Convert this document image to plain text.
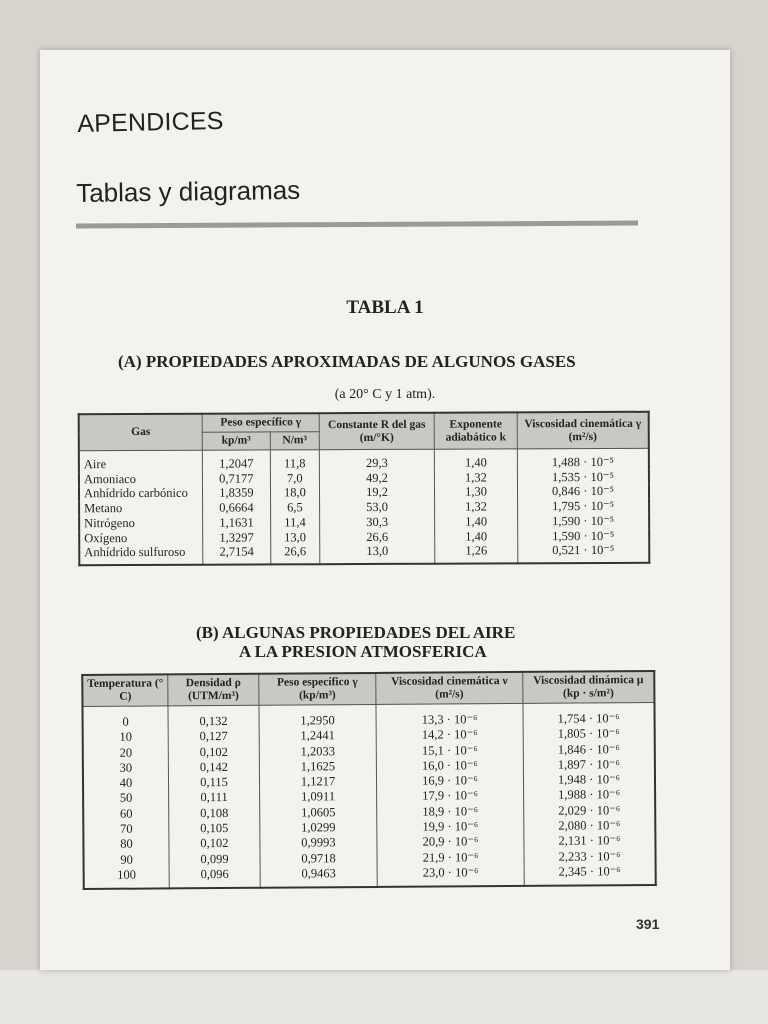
APENDICES
Tablas y diagramas
TABLA 1
(A) PROPIEDADES APROXIMADAS DE ALGUNOS GASES
(a 20° C y 1 atm).
Gas	Peso específico γ		Constante R del gas (m/°K)	Exponente adiabático k	Viscosidad cinemática γ (m²/s)
	kp/m³	N/m³			
Aire	1,2047	11,8	29,3	1,40	1,488 · 10⁻⁵
Amoniaco	0,7177	7,0	49,2	1,32	1,535 · 10⁻⁵
Anhídrido carbónico	1,8359	18,0	19,2	1,30	0,846 · 10⁻⁵
Metano	0,6664	6,5	53,0	1,32	1,795 · 10⁻⁵
Nitrógeno	1,1631	11,4	30,3	1,40	1,590 · 10⁻⁵
Oxígeno	1,3297	13,0	26,6	1,40	1,590 · 10⁻⁵
Anhídrido sulfuroso	2,7154	26,6	13,0	1,26	0,521 · 10⁻⁵
(B) ALGUNAS PROPIEDADES DEL AIRE
A LA PRESION ATMOSFERICA
Temperatura (° C)	Densidad ρ (UTM/m³)	Peso específico γ (kp/m³)	Viscosidad cinemática ν (m²/s)	Viscosidad dinámica μ (kp · s/m²)
0	0,132	1,2950	13,3 · 10⁻⁶	1,754 · 10⁻⁶
10	0,127	1,2441	14,2 · 10⁻⁶	1,805 · 10⁻⁶
20	0,102	1,2033	15,1 · 10⁻⁶	1,846 · 10⁻⁶
30	0,142	1,1625	16,0 · 10⁻⁶	1,897 · 10⁻⁶
40	0,115	1,1217	16,9 · 10⁻⁶	1,948 · 10⁻⁶
50	0,111	1,0911	17,9 · 10⁻⁶	1,988 · 10⁻⁶
60	0,108	1,0605	18,9 · 10⁻⁶	2,029 · 10⁻⁶
70	0,105	1,0299	19,9 · 10⁻⁶	2,080 · 10⁻⁶
80	0,102	0,9993	20,9 · 10⁻⁶	2,131 · 10⁻⁶
90	0,099	0,9718	21,9 · 10⁻⁶	2,233 · 10⁻⁶
100	0,096	0,9463	23,0 · 10⁻⁶	2,345 · 10⁻⁶
391
